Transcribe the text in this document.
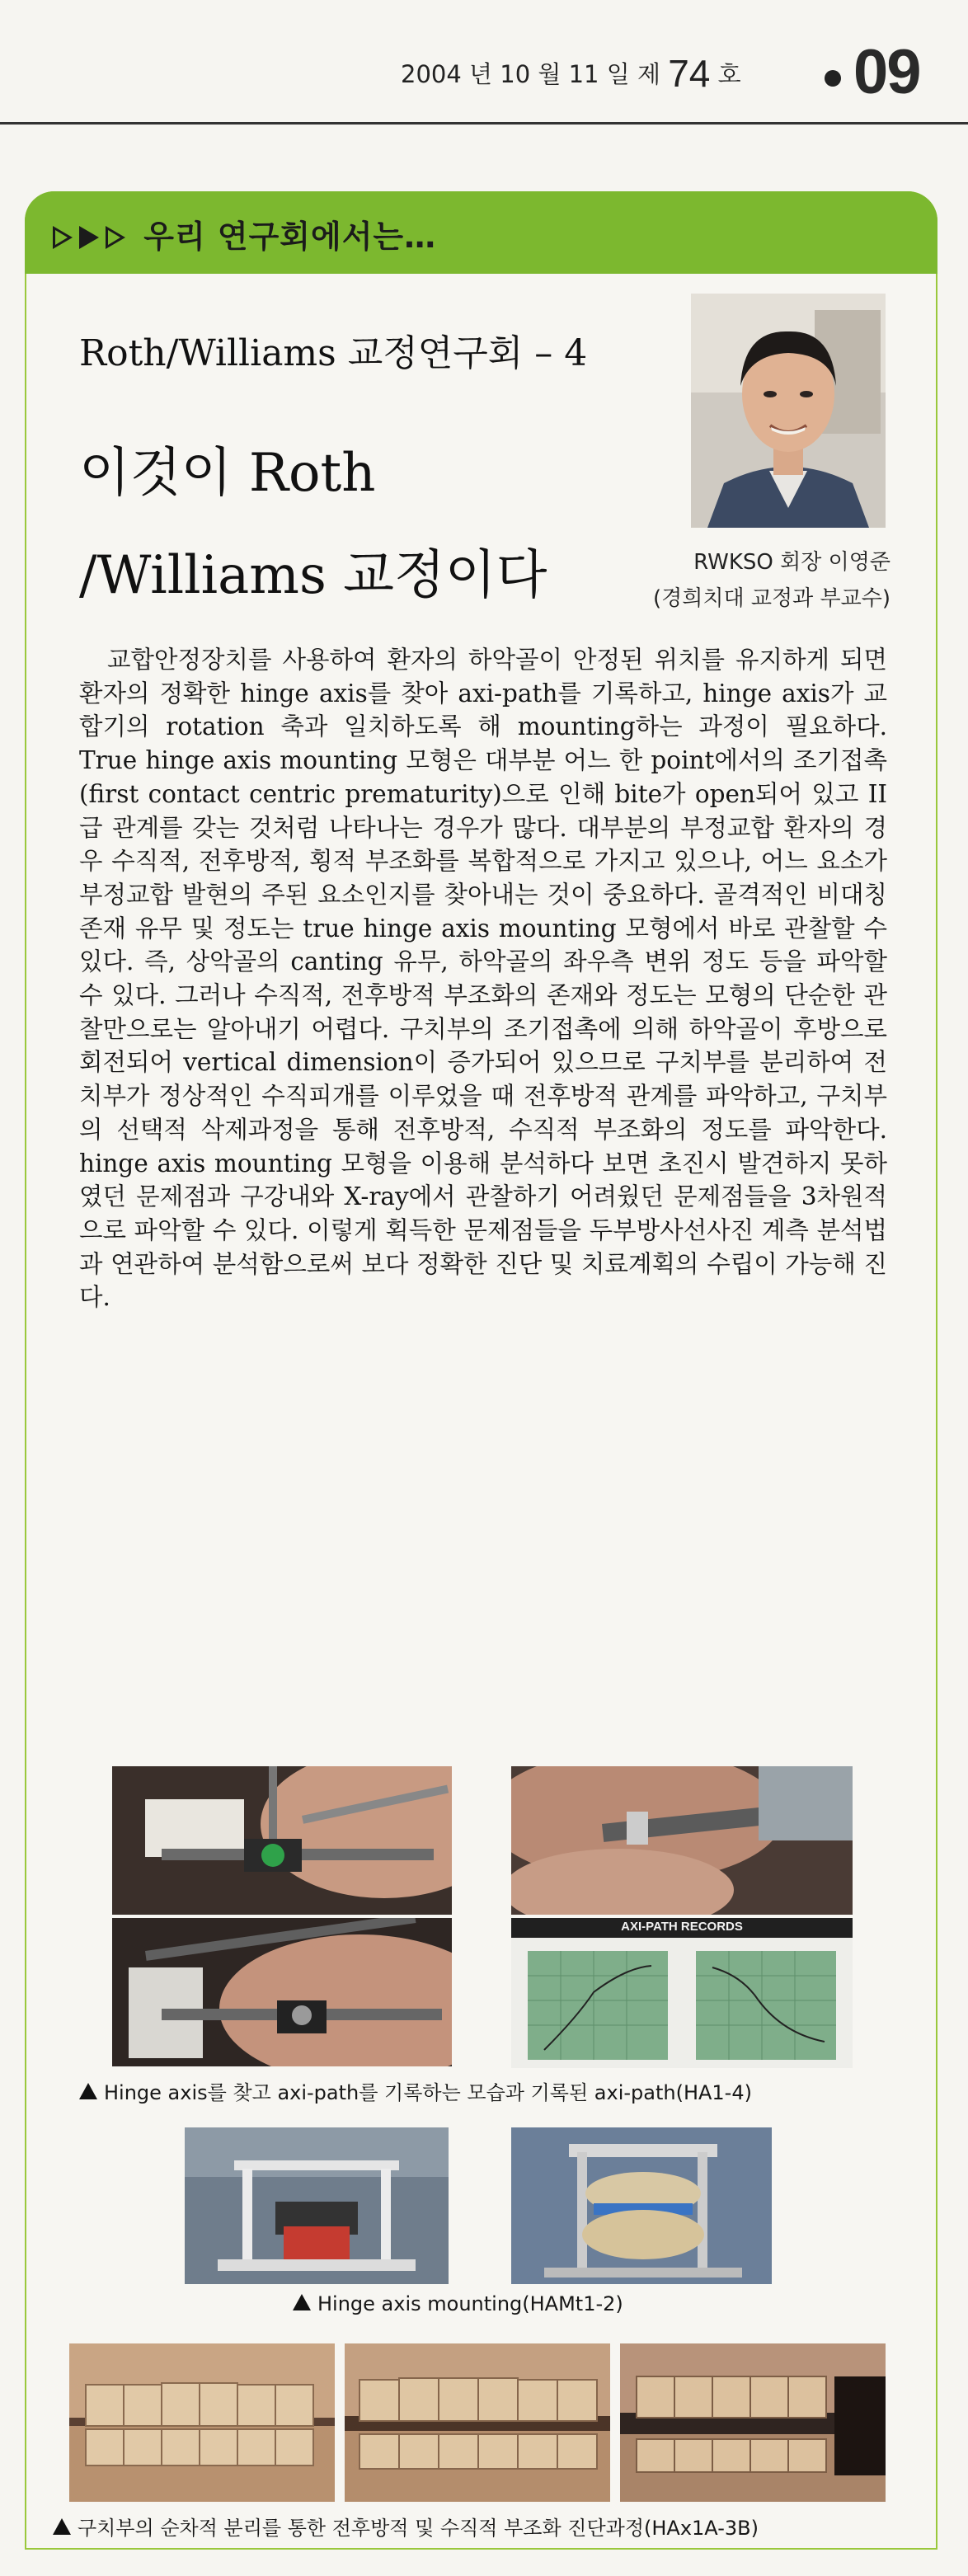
2004 년 10 월 11 일 제 74 호 09
우리 연구회에서는…
Roth/Williams 교정연구회 – 4
이것이 Roth
/Williams 교정이다	RWKSO 회장 이영준
(경희치대 교정과 부교수)

교합안정장치를 사용하여 환자의 하악골이 안정된 위치를 유지하게 되면 환자의 정확한 hinge axis를 찾아 axi-path를 기록하고, hinge axis가 교합기의 rotation 축과 일치하도록 해 mounting하는 과정이 필요하다. True hinge axis mounting 모형은 대부분 어느 한 point에서의 조기접촉(first contact centric prematurity)으로 인해 bite가 open되어 있고 II급 관계를 갖는 것처럼 나타나는 경우가 많다. 대부분의 부정교합 환자의 경우 수직적, 전후방적, 횡적 부조화를 복합적으로 가지고 있으나, 어느 요소가 부정교합 발현의 주된 요소인지를 찾아내는 것이 중요하다. 골격적인 비대칭 존재 유무 및 정도는 true hinge axis mounting 모형에서 바로 관찰할 수 있다. 즉, 상악골의 canting 유무, 하악골의 좌우측 변위 정도 등을 파악할 수 있다. 그러나 수직적, 전후방적 부조화의 존재와 정도는 모형의 단순한 관찰만으로는 알아내기 어렵다. 구치부의 조기접촉에 의해 하악골이 후방으로 회전되어 vertical dimension이 증가되어 있으므로 구치부를 분리하여 전치부가 정상적인 수직피개를 이루었을 때 전후방적 관계를 파악하고, 구치부의 선택적 삭제과정을 통해 전후방적, 수직적 부조화의 정도를 파악한다. hinge axis mounting 모형을 이용해 분석하다 보면 초진시 발견하지 못하였던 문제점과 구강내와 X-ray에서 관찰하기 어려웠던 문제점들을 3차원적으로 파악할 수 있다. 이렇게 획득한 문제점들을 두부방사선사진 계측 분석법과 연관하여 분석함으로써 보다 정확한 진단 및 치료계획의 수립이 가능해 진다.

AXI-PATH RECORDS
Hinge axis를 찾고 axi-path를 기록하는 모습과 기록된 axi-path(HA1-4)
Hinge axis mounting(HAMt1-2)
구치부의 순차적 분리를 통한 전후방적 및 수직적 부조화 진단과정(HAx1A-3B)
